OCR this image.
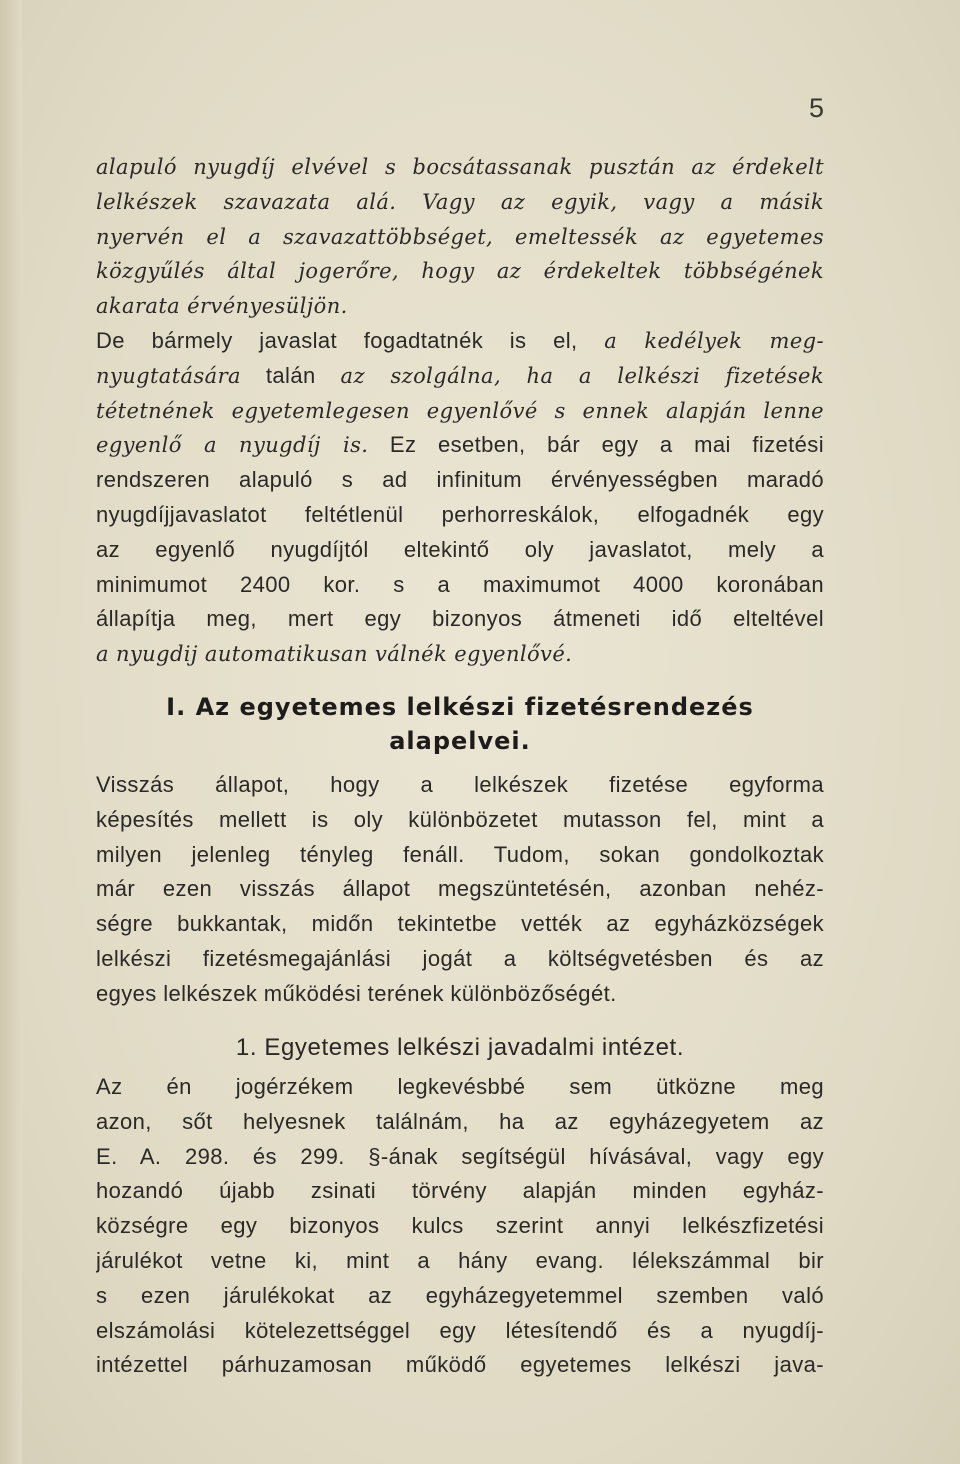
5
alapuló nyugdíj elvével s bocsátassanak pusztán az érdekelt
lelkészek szavazata alá. Vagy az egyik, vagy a másik
nyervén el a szavazattöbbséget, emeltessék az egyetemes
közgyűlés által jogerőre, hogy az érdekeltek többségének
akarata érvényesüljön.
De bármely javaslat fogadtatnék is el, a kedélyek meg-
nyugtatására talán az szolgálna, ha a lelkészi fizetések
tétetnének egyetemlegesen egyenlővé s ennek alapján lenne
egyenlő a nyugdíj is. Ez esetben, bár egy a mai fizetési
rendszeren alapuló s ad infinitum érvényességben maradó
nyugdíjjavaslatot feltétlenül perhorreskálok, elfogadnék egy
az egyenlő nyugdíjtól eltekintő oly javaslatot, mely a
minimumot 2400 kor. s a maximumot 4000 koronában
állapítja meg, mert egy bizonyos átmeneti idő elteltével
a nyugdij automatikusan válnék egyenlővé.
I. Az egyetemes lelkészi fizetésrendezés
alapelvei.
Visszás állapot, hogy a lelkészek fizetése egyforma
képesítés mellett is oly különbözetet mutasson fel, mint a
milyen jelenleg tényleg fenáll. Tudom, sokan gondolkoztak
már ezen visszás állapot megszüntetésén, azonban nehéz-
ségre bukkantak, midőn tekintetbe vették az egyházközségek
lelkészi fizetésmegajánlási jogát a költségvetésben és az
egyes lelkészek működési terének különbözőségét.
1. Egyetemes lelkészi javadalmi intézet.
Az én jogérzékem legkevésbbé sem ütközne meg
azon, sőt helyesnek találnám, ha az egyházegyetem az
E. A. 298. és 299. §-ának segítségül hívásával, vagy egy
hozandó újabb zsinati törvény alapján minden egyház-
községre egy bizonyos kulcs szerint annyi lelkészfizetési
járulékot vetne ki, mint a hány evang. lélekszámmal bir
s ezen járulékokat az egyházegyetemmel szemben való
elszámolási kötelezettséggel egy létesítendő és a nyugdíj-
intézettel párhuzamosan működő egyetemes lelkészi java-
